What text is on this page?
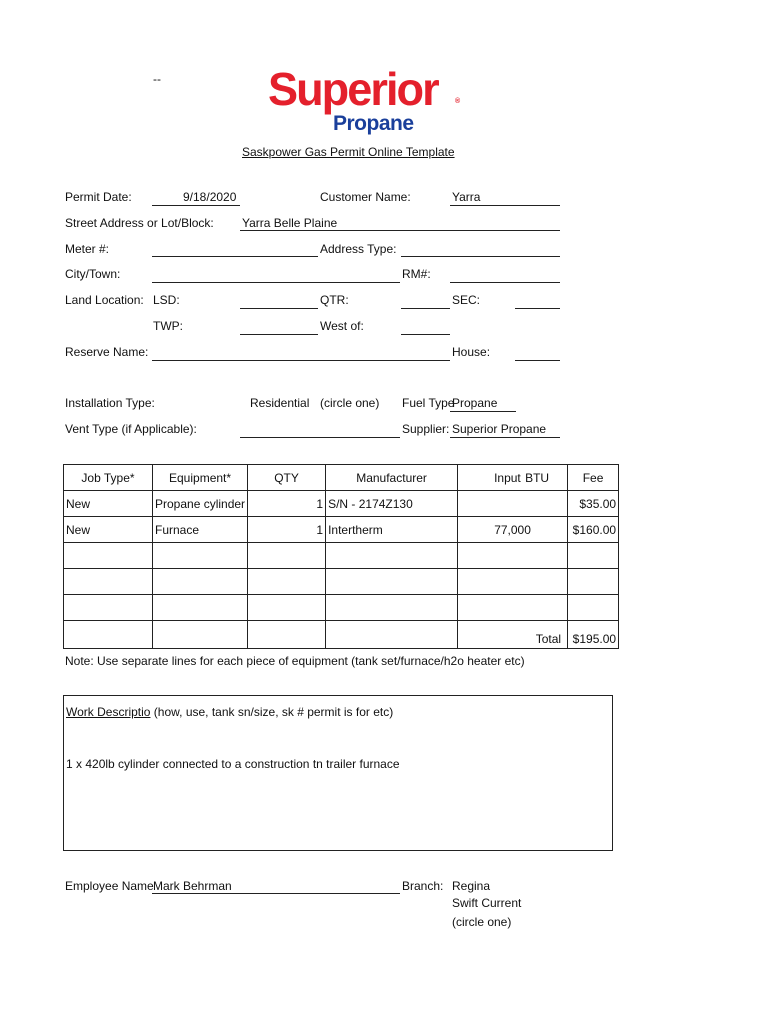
-- Superior ®
Propane
Saskpower Gas Permit Online Template
Permit Date:	9/18/2020	Customer Name:	Yarra
Street Address or Lot/Block: Yarra Belle Plaine
Meter #:	Address Type:
City/Town:	RM#:
Land Location: LSD:	QTR:	SEC:
TWP:	West of:
Reserve Name:	House:
Installation Type:	Residential (circle one) Fuel Type
Propane
Vent Type (if Applicable):	Supplier: Superior Propane
Job Type*	Equipment*	QTY	Manufacturer	Input BTU	Fee
New	Propane cylinder	1	S/N - 2174Z130		$35.00
New	Furnace	1	Intertherm	77,000	$160.00

				Total	$195.00
Note: Use separate lines for each piece of equipment (tank set/furnace/h2o heater etc)
Work Descriptio (how, use, tank sn/size, sk # permit is for etc)
1 x 420lb cylinder connected to a construction tn trailer furnace
Employee Name Mark Behrman	Branch: Regina
Swift Current
(circle one)
